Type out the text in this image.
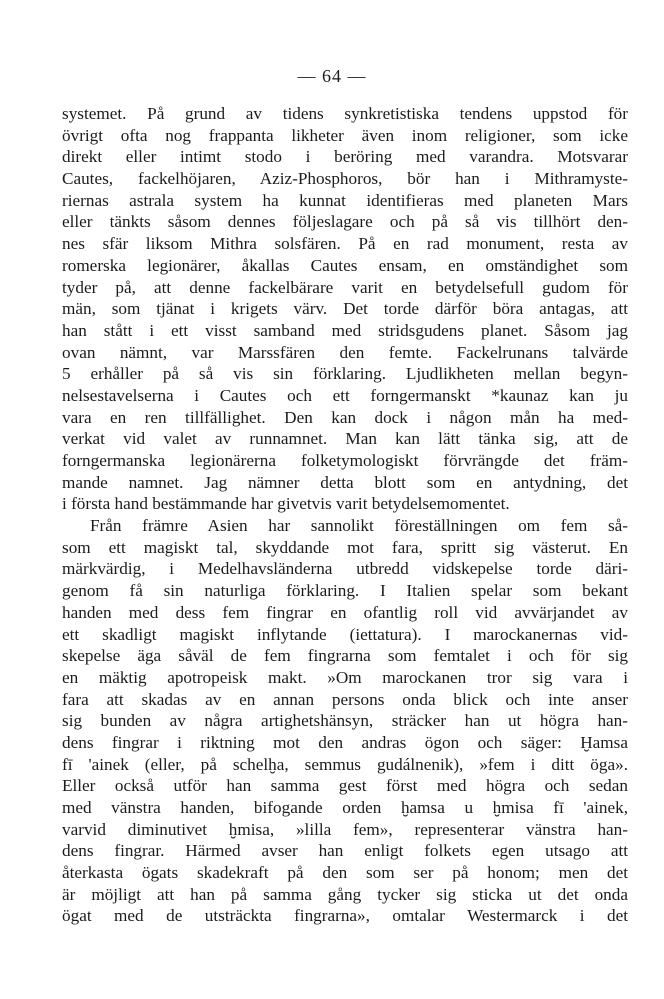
— 64 —
systemet. På grund av tidens synkretistiska tendens uppstod för
övrigt ofta nog frappanta likheter även inom religioner, som icke
direkt eller intimt stodo i beröring med varandra. Motsvarar
Cautes, fackelhöjaren, Aziz-Phosphoros, bör han i Mithramyste-
riernas astrala system ha kunnat identifieras med planeten Mars
eller tänkts såsom dennes följeslagare och på så vis tillhört den-
nes sfär liksom Mithra solsfären. På en rad monument, resta av
romerska legionärer, åkallas Cautes ensam, en omständighet som
tyder på, att denne fackelbärare varit en betydelsefull gudom för
män, som tjänat i krigets värv. Det torde därför böra antagas, att
han stått i ett visst samband med stridsgudens planet. Såsom jag
ovan nämnt, var Marssfären den femte. Fackelrunans talvärde
5 erhåller på så vis sin förklaring. Ljudlikheten mellan begyn-
nelsestavelserna i Cautes och ett forngermanskt *kaunaz kan ju
vara en ren tillfällighet. Den kan dock i någon mån ha med-
verkat vid valet av runnamnet. Man kan lätt tänka sig, att de
forngermanska legionärerna folketymologiskt förvrängde det främ-
mande namnet. Jag nämner detta blott som en antydning, det
i första hand bestämmande har givetvis varit betydelsemomentet.
Från främre Asien har sannolikt föreställningen om fem så-
som ett magiskt tal, skyddande mot fara, spritt sig västerut. En
märkvärdig, i Medelhavsländerna utbredd vidskepelse torde däri-
genom få sin naturliga förklaring. I Italien spelar som bekant
handen med dess fem fingrar en ofantlig roll vid avvärjandet av
ett skadligt magiskt inflytande (iettatura). I marockanernas vid-
skepelse äga såväl de fem fingrarna som femtalet i och för sig
en mäktig apotropeisk makt. »Om marockanen tror sig vara i
fara att skadas av en annan persons onda blick och inte anser
sig bunden av några artighetshänsyn, sträcker han ut högra han-
dens fingrar i riktning mot den andras ögon och säger: Ḫamsa
fī 'ainek (eller, på schelḫa, semmus gudálnenik), »fem i ditt öga».
Eller också utför han samma gest först med högra och sedan
med vänstra handen, bifogande orden ḫamsa u ḫmisa fī 'ainek,
varvid diminutivet ḫmisa, »lilla fem», representerar vänstra han-
dens fingrar. Härmed avser han enligt folkets egen utsago att
återkasta ögats skadekraft på den som ser på honom; men det
är möjligt att han på samma gång tycker sig sticka ut det onda
ögat med de utsträckta fingrarna», omtalar Westermarck i det
